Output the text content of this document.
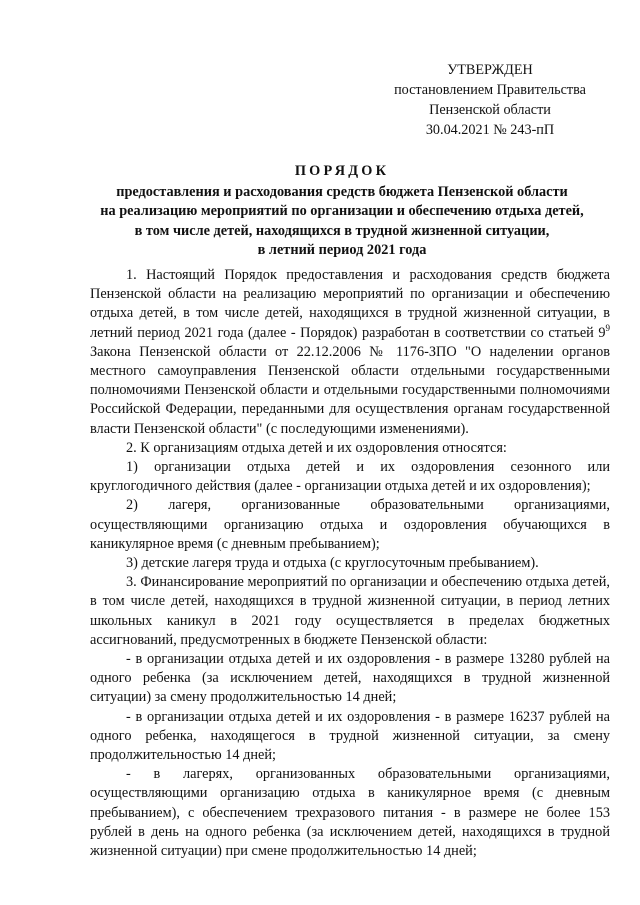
УТВЕРЖДЕН
постановлением Правительства
Пензенской области
30.04.2021 № 243-пП
ПОРЯДОК
предоставления и расходования средств бюджета Пензенской области
на реализацию мероприятий по организации и обеспечению отдыха детей,
в том числе детей, находящихся в трудной жизненной ситуации,
в летний период 2021 года

1. Настоящий Порядок предоставления и расходования средств бюджета Пензенской области на реализацию мероприятий по организации и обеспечению отдыха детей, в том числе детей, находящихся в трудной жизненной ситуации, в летний период 2021 года (далее - Порядок) разработан в соответствии со статьей $9^9$ Закона Пензенской области от 22.12.2006 № 1176-ЗПО "О наделении органов местного самоуправления Пензенской области отдельными государственными полномочиями Пензенской области и отдельными государственными полномочиями Российской Федерации, переданными для осуществления органам государственной власти Пензенской области" (с последующими изменениями).

2. К организациям отдыха детей и их оздоровления относятся:

1) организации отдыха детей и их оздоровления сезонного или круглогодичного действия (далее - организации отдыха детей и их оздоровления);

2) лагеря, организованные образовательными организациями, осуществляющими организацию отдыха и оздоровления обучающихся в каникулярное время (с дневным пребыванием);

3) детские лагеря труда и отдыха (с круглосуточным пребыванием).

3. Финансирование мероприятий по организации и обеспечению отдыха детей, в том числе детей, находящихся в трудной жизненной ситуации, в период летних школьных каникул в 2021 году осуществляется в пределах бюджетных ассигнований, предусмотренных в бюджете Пензенской области:

- в организации отдыха детей и их оздоровления - в размере 13280 рублей на одного ребенка (за исключением детей, находящихся в трудной жизненной ситуации) за смену продолжительностью 14 дней;

- в организации отдыха детей и их оздоровления - в размере 16237 рублей на одного ребенка, находящегося в трудной жизненной ситуации, за смену продолжительностью 14 дней;

- в лагерях, организованных образовательными организациями, осуществляющими организацию отдыха в каникулярное время (с дневным пребыванием), с обеспечением трехразового питания - в размере не более 153 рублей в день на одного ребенка (за исключением детей, находящихся в трудной жизненной ситуации) при смене продолжительностью 14 дней;
